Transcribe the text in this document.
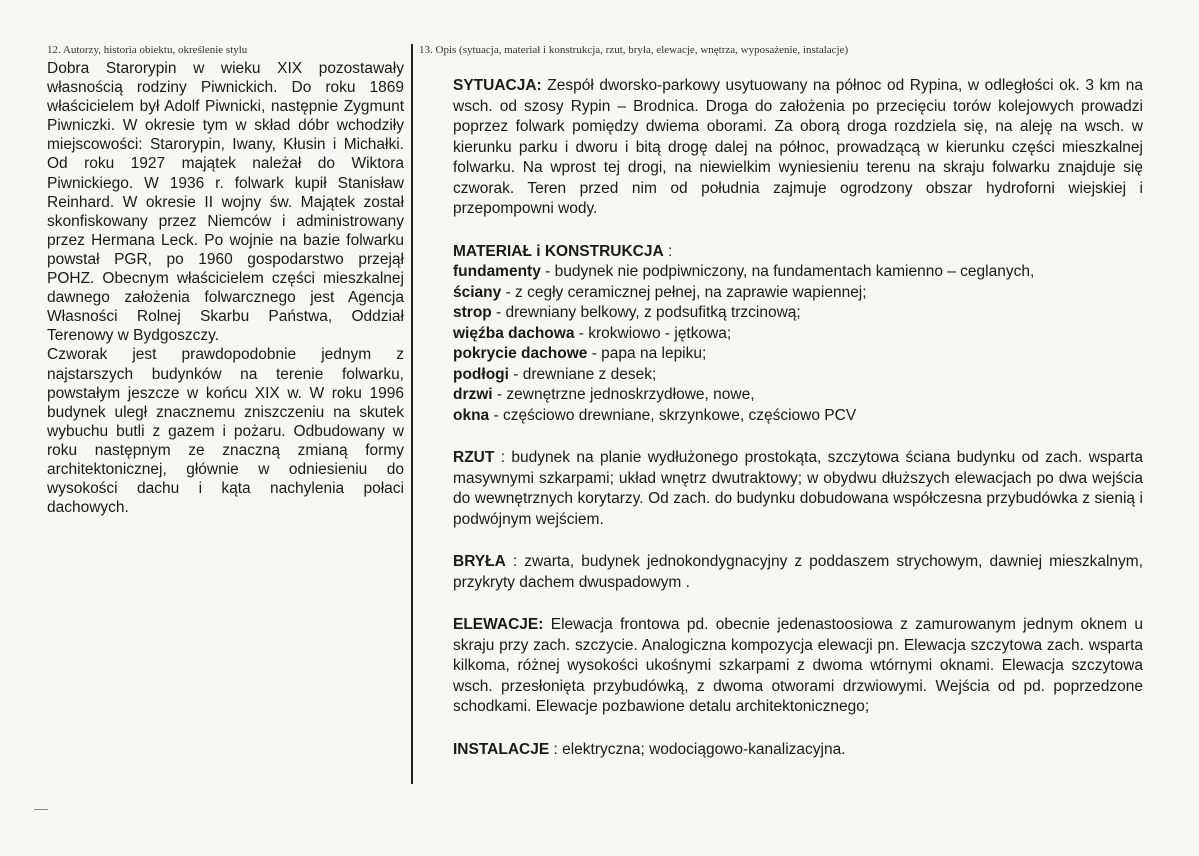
12. Autorzy, historia obiektu, określenie stylu	13. Opis (sytuacja, materiał i konstrukcja, rzut, bryła, elewacje, wnętrza, wyposażenie, instalacje)

Dobra Starorypin w wieku XIX pozostawały własnością rodziny Piwnickich. Do roku 1869 właścicielem był Adolf Piwnicki, następnie Zygmunt Piwniczki. W okresie tym w skład dóbr wchodziły miejscowości: Starorypin, Iwany, Kłusin i Michałki. Od roku 1927 majątek należał do Wiktora Piwnickiego. W 1936 r. folwark kupił Stanisław Reinhard. W okresie II wojny św. Majątek został skonfiskowany przez Niemców i administrowany przez Hermana Leck. Po wojnie na bazie folwarku powstał PGR, po 1960 gospodarstwo przejął POHZ. Obecnym właścicielem części mieszkalnej dawnego założenia folwarcznego jest Agencja Własności Rolnej Skarbu Państwa, Oddział Terenowy w Bydgoszczy.

Czworak jest prawdopodobnie jednym z najstarszych budynków na terenie folwarku, powstałym jeszcze w końcu XIX w. W roku 1996 budynek uległ znacznemu zniszczeniu na skutek wybuchu butli z gazem i pożaru. Odbudowany w roku następnym ze znaczną zmianą formy architektonicznej, głównie w odniesieniu do wysokości dachu i kąta nachylenia połaci dachowych.

SYTUACJA: Zespół dworsko-parkowy usytuowany na północ od Rypina, w odległości ok. 3 km na wsch. od szosy Rypin – Brodnica. Droga do założenia po przecięciu torów kolejowych prowadzi poprzez folwark pomiędzy dwiema oborami. Za oborą droga rozdziela się, na aleję na wsch. w kierunku parku i dworu i bitą drogę dalej na północ, prowadzącą w kierunku części mieszkalnej folwarku. Na wprost tej drogi, na niewielkim wyniesieniu terenu na skraju folwarku znajduje się czworak. Teren przed nim od południa zajmuje ogrodzony obszar hydroforni wiejskiej i przepompowni wody.

MATERIAŁ i KONSTRUKCJA :
fundamenty - budynek nie podpiwniczony, na fundamentach kamienno – ceglanych,
ściany - z cegły ceramicznej pełnej, na zaprawie wapiennej;
strop - drewniany belkowy, z podsufitką trzcinową;
więźba dachowa - krokwiowo - jętkowa;
pokrycie dachowe - papa na lepiku;
podłogi - drewniane z desek;
drzwi - zewnętrzne jednoskrzydłowe, nowe,
okna - częściowo drewniane, skrzynkowe, częściowo PCV

RZUT : budynek na planie wydłużonego prostokąta, szczytowa ściana budynku od zach. wsparta masywnymi szkarpami; układ wnętrz dwutraktowy; w obydwu dłuższych elewacjach po dwa wejścia do wewnętrznych korytarzy. Od zach. do budynku dobudowana współczesna przybudówka z sienią i podwójnym wejściem.

BRYŁA : zwarta, budynek jednokondygnacyjny z poddaszem strychowym, dawniej mieszkalnym, przykryty dachem dwuspadowym .

ELEWACJE: Elewacja frontowa pd. obecnie jedenastoosiowa z zamurowanym jednym oknem u skraju przy zach. szczycie. Analogiczna kompozycja elewacji pn. Elewacja szczytowa zach. wsparta kilkoma, różnej wysokości ukośnymi szkarpami z dwoma wtórnymi oknami. Elewacja szczytowa wsch. przesłonięta przybudówką, z dwoma otworami drzwiowymi. Wejścia od pd. poprzedzone schodkami. Elewacje pozbawione detalu architektonicznego;

INSTALACJE : elektryczna; wodociągowo-kanalizacyjna.
